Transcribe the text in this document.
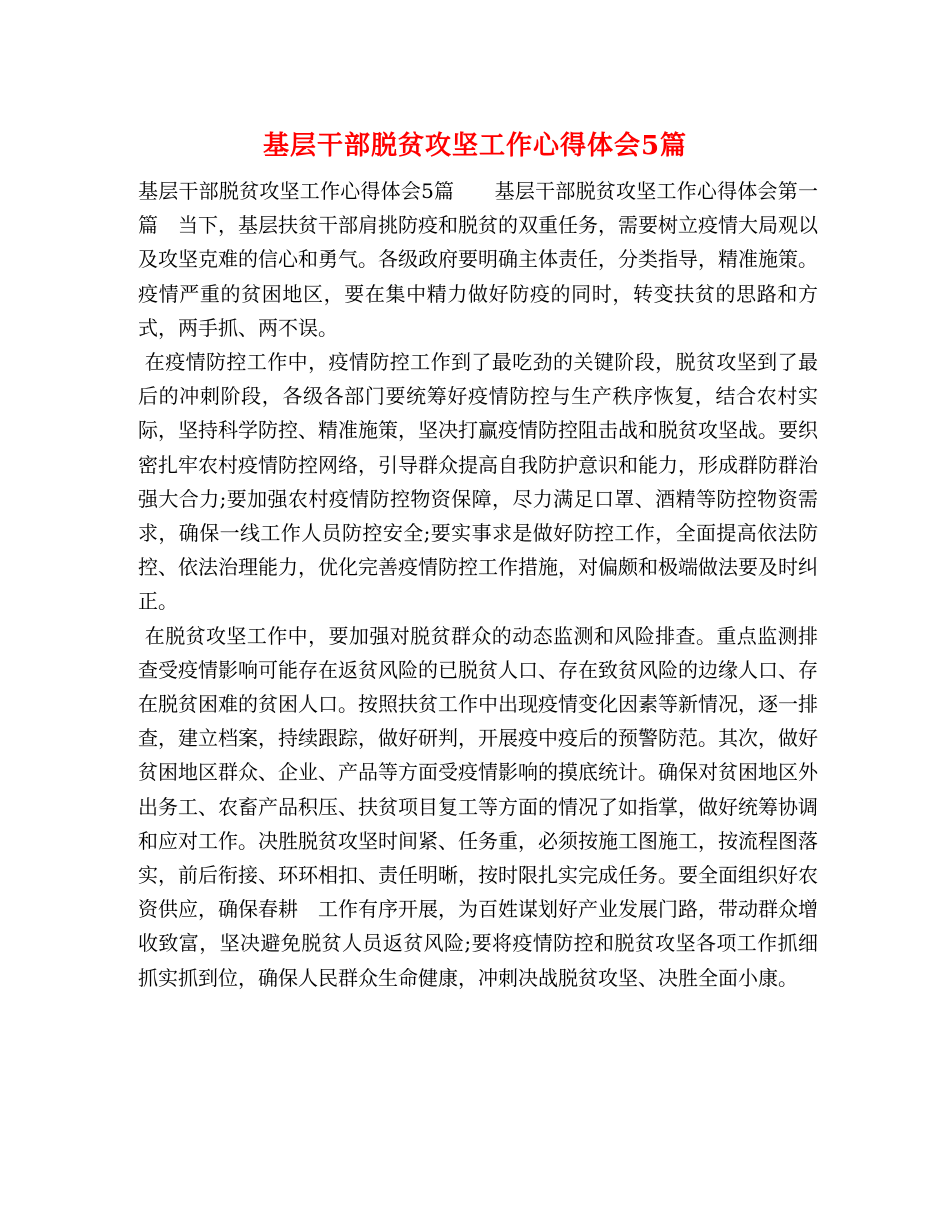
基层干部脱贫攻坚工作心得体会5篇

基层干部脱贫攻坚工作心得体会5篇　　基层干部脱贫攻坚工作心得体会第一篇　当下，基层扶贫干部肩挑防疫和脱贫的双重任务，需要树立疫情大局观以及攻坚克难的信心和勇气。各级政府要明确主体责任，分类指导，精准施策。疫情严重的贫困地区，要在集中精力做好防疫的同时，转变扶贫的思路和方式，两手抓、两不误。

在疫情防控工作中，疫情防控工作到了最吃劲的关键阶段，脱贫攻坚到了最后的冲刺阶段，各级各部门要统筹好疫情防控与生产秩序恢复，结合农村实际，坚持科学防控、精准施策，坚决打赢疫情防控阻击战和脱贫攻坚战。要织密扎牢农村疫情防控网络，引导群众提高自我防护意识和能力，形成群防群治强大合力;要加强农村疫情防控物资保障，尽力满足口罩、酒精等防控物资需求，确保一线工作人员防控安全;要实事求是做好防控工作，全面提高依法防控、依法治理能力，优化完善疫情防控工作措施，对偏颇和极端做法要及时纠正。

在脱贫攻坚工作中，要加强对脱贫群众的动态监测和风险排查。重点监测排查受疫情影响可能存在返贫风险的已脱贫人口、存在致贫风险的边缘人口、存在脱贫困难的贫困人口。按照扶贫工作中出现疫情变化因素等新情况，逐一排查，建立档案，持续跟踪，做好研判，开展疫中疫后的预警防范。其次，做好贫困地区群众、企业、产品等方面受疫情影响的摸底统计。确保对贫困地区外出务工、农畜产品积压、扶贫项目复工等方面的情况了如指掌，做好统筹协调和应对工作。决胜脱贫攻坚时间紧、任务重，必须按施工图施工，按流程图落实，前后衔接、环环相扣、责任明晰，按时限扎实完成任务。要全面组织好农资供应，确保春耕　工作有序开展，为百姓谋划好产业发展门路，带动群众增收致富，坚决避免脱贫人员返贫风险;要将疫情防控和脱贫攻坚各项工作抓细抓实抓到位，确保人民群众生命健康，冲刺决战脱贫攻坚、决胜全面小康。
